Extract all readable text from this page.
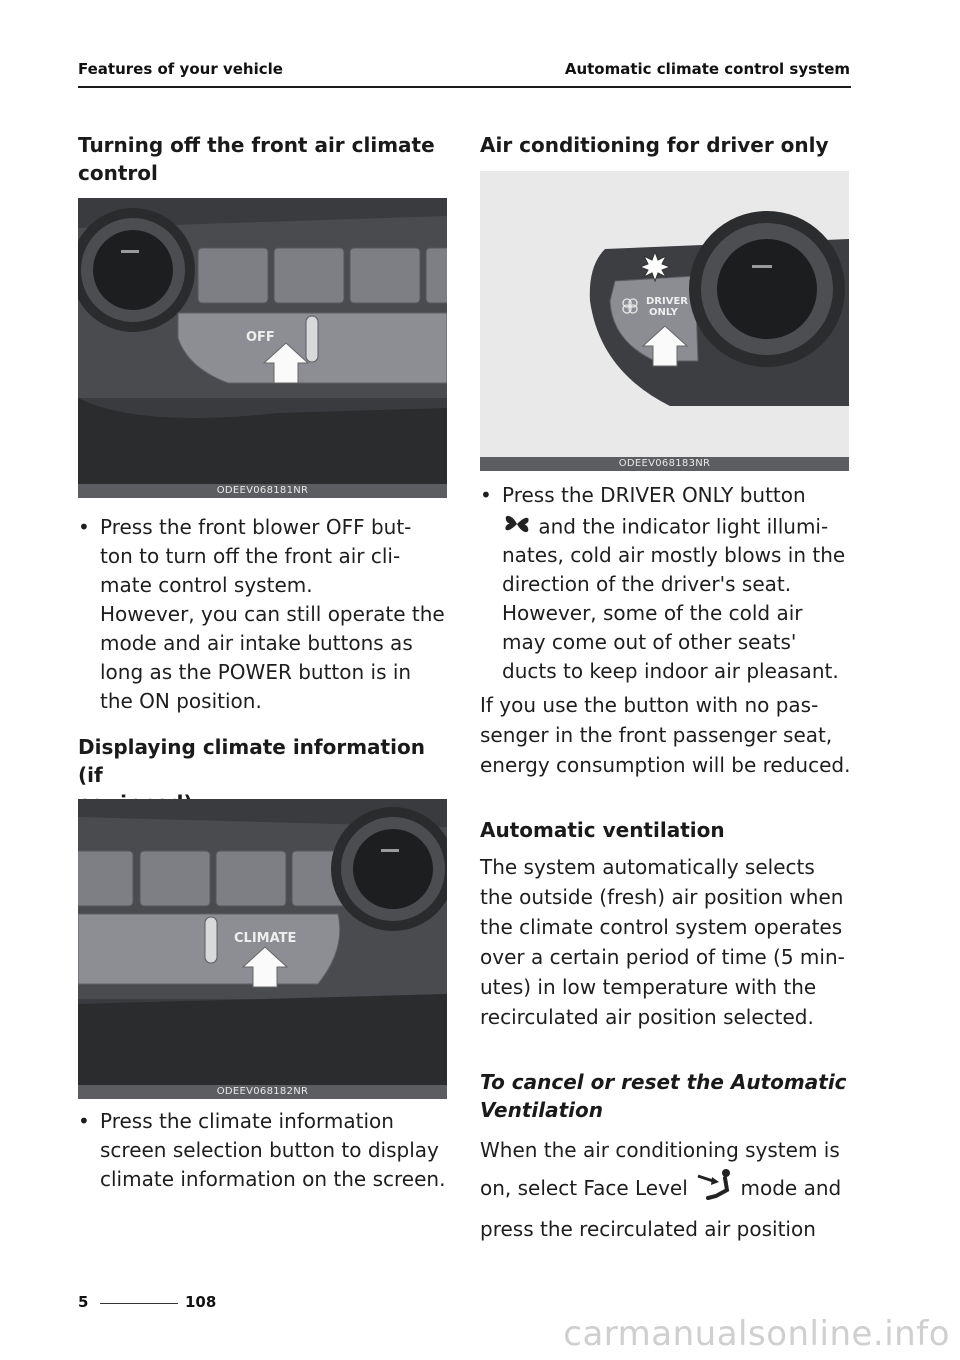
Features of your vehicle	Automatic climate control system
Turning off the front air climate
control
OFF
ODEEV068181NR
• Press the front blower OFF but-
ton to turn off the front air cli-
mate control system.
However, you can still operate the
mode and air intake buttons as
long as the POWER button is in
the ON position.
Displaying climate information (if

CLIMATE
ODEEV068182NR
• Press the climate information
screen selection button to display
climate information on the screen.
Air conditioning for driver only
DRIVER
ONLY
ODEEV068183NR
• Press the DRIVER ONLY button
and the indicator light illumi-
nates, cold air mostly blows in the
direction of the driver's seat.
However, some of the cold air
may come out of other seats'
ducts to keep indoor air pleasant.
If you use the button with no pas-
senger in the front passenger seat,
energy consumption will be reduced.
Automatic ventilation
The system automatically selects
the outside (fresh) air position when
the climate control system operates
over a certain period of time (5 min-
utes) in low temperature with the
recirculated air position selected.
To cancel or reset the Automatic
Ventilation
When the air conditioning system is
on, select Face Level	mode and
press the recirculated air position
5	108
carmanualsonline.info
